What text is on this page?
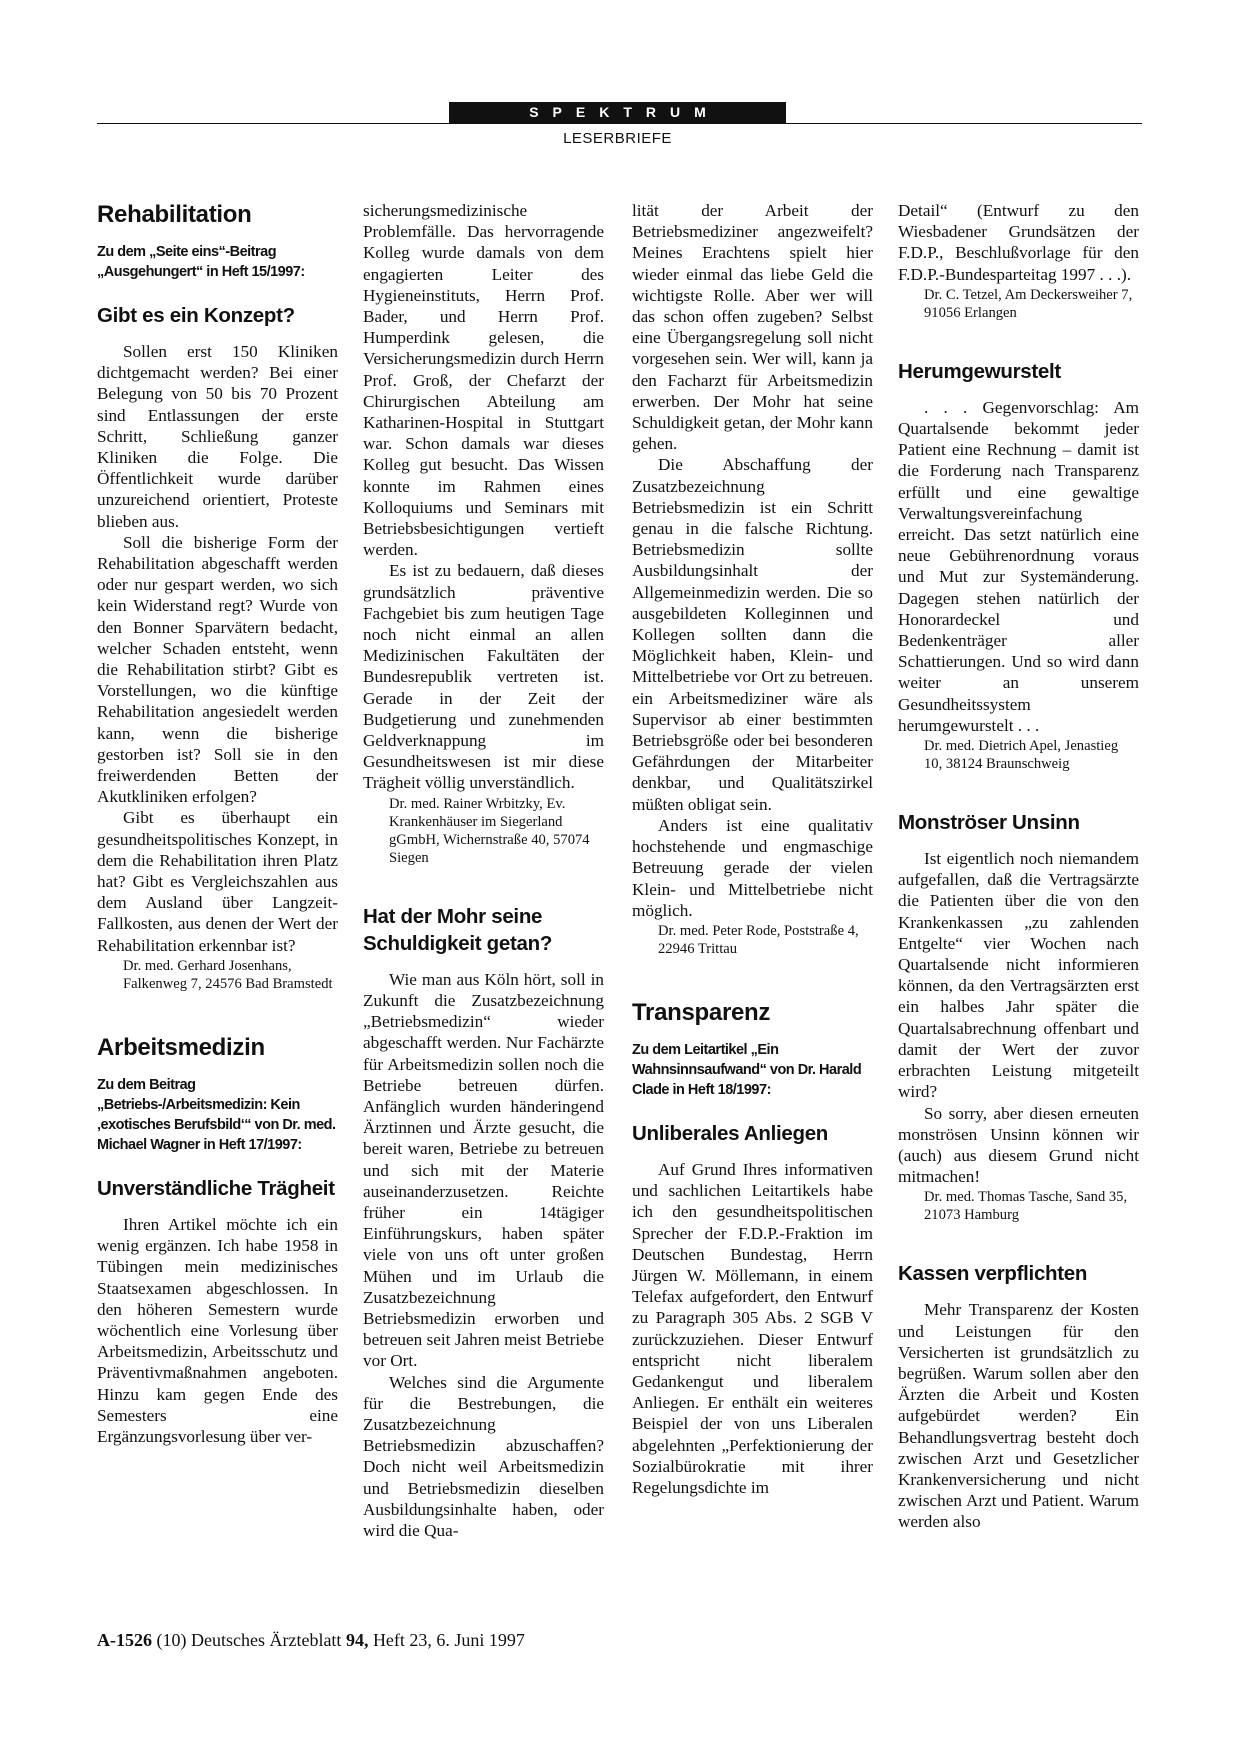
SPEKTRUM
LESERBRIEFE
Rehabilitation
Zu dem „Seite eins“-Beitrag „Ausgehungert“ in Heft 15/1997:
Gibt es ein Konzept?

Sollen erst 150 Kliniken dichtgemacht werden? Bei einer Belegung von 50 bis 70 Prozent sind Entlassungen der erste Schritt, Schließung ganzer Kliniken die Folge. Die Öffentlichkeit wurde darüber unzureichend orientiert, Proteste blieben aus.

Soll die bisherige Form der Rehabilitation abgeschafft werden oder nur gespart werden, wo sich kein Widerstand regt? Wurde von den Bonner Sparvätern bedacht, welcher Schaden entsteht, wenn die Rehabilitation stirbt? Gibt es Vorstellungen, wo die künftige Rehabilitation angesiedelt werden kann, wenn die bisherige gestorben ist? Soll sie in den freiwerdenden Betten der Akutkliniken erfolgen?

Gibt es überhaupt ein gesundheitspolitisches Konzept, in dem die Rehabilitation ihren Platz hat? Gibt es Vergleichszahlen aus dem Ausland über Langzeit-Fallkosten, aus denen der Wert der Rehabilitation erkennbar ist?

Dr. med. Gerhard Josenhans,
Falkenweg 7, 24576 Bad Bramstedt
Arbeitsmedizin
Zu dem Beitrag „Betriebs-/Arbeitsmedizin: Kein ‚exotisches Berufsbild‘“ von Dr. med. Michael Wagner in Heft 17/1997:
Unverständliche Trägheit

Ihren Artikel möchte ich ein wenig ergänzen. Ich habe 1958 in Tübingen mein medizinisches Staatsexamen abgeschlossen. In den höheren Semestern wurde wöchentlich eine Vorlesung über Arbeitsmedizin, Arbeitsschutz und Präventivmaßnahmen angeboten. Hinzu kam gegen Ende des Semesters eine Ergänzungsvorlesung über ver-

sicherungsmedizinische Problemfälle. Das hervorragende Kolleg wurde damals von dem engagierten Leiter des Hygieneinstituts, Herrn Prof. Bader, und Herrn Prof. Humperdink gelesen, die Versicherungsmedizin durch Herrn Prof. Groß, der Chefarzt der Chirurgischen Abteilung am Katharinen-Hospital in Stuttgart war. Schon damals war dieses Kolleg gut besucht. Das Wissen konnte im Rahmen eines Kolloquiums und Seminars mit Betriebsbesichtigungen vertieft werden.

Es ist zu bedauern, daß dieses grundsätzlich präventive Fachgebiet bis zum heutigen Tage noch nicht einmal an allen Medizinischen Fakultäten der Bundesrepublik vertreten ist. Gerade in der Zeit der Budgetierung und zunehmenden Geldverknappung im Gesundheitswesen ist mir diese Trägheit völlig unverständlich.

Dr. med. Rainer Wrbitzky, Ev. Krankenhäuser im Siegerland gGmbH, Wichernstraße 40, 57074 Siegen
Hat der Mohr seine Schuldigkeit getan?

Wie man aus Köln hört, soll in Zukunft die Zusatzbezeichnung „Betriebsmedizin“ wieder abgeschafft werden. Nur Fachärzte für Arbeitsmedizin sollen noch die Betriebe betreuen dürfen. Anfänglich wurden händeringend Ärztinnen und Ärzte gesucht, die bereit waren, Betriebe zu betreuen und sich mit der Materie auseinanderzusetzen. Reichte früher ein 14tägiger Einführungskurs, haben später viele von uns oft unter großen Mühen und im Urlaub die Zusatzbezeichnung Betriebsmedizin erworben und betreuen seit Jahren meist Betriebe vor Ort.

Welches sind die Argumente für die Bestrebungen, die Zusatzbezeichnung Betriebsmedizin abzuschaffen? Doch nicht weil Arbeitsmedizin und Betriebsmedizin dieselben Ausbildungsinhalte haben, oder wird die Qua-

lität der Arbeit der Betriebsmediziner angezweifelt? Meines Erachtens spielt hier wieder einmal das liebe Geld die wichtigste Rolle. Aber wer will das schon offen zugeben? Selbst eine Übergangsregelung soll nicht vorgesehen sein. Wer will, kann ja den Facharzt für Arbeitsmedizin erwerben. Der Mohr hat seine Schuldigkeit getan, der Mohr kann gehen.

Die Abschaffung der Zusatzbezeichnung Betriebsmedizin ist ein Schritt genau in die falsche Richtung. Betriebsmedizin sollte Ausbildungsinhalt der Allgemeinmedizin werden. Die so ausgebildeten Kolleginnen und Kollegen sollten dann die Möglichkeit haben, Klein- und Mittelbetriebe vor Ort zu betreuen. ein Arbeitsmediziner wäre als Supervisor ab einer bestimmten Betriebsgröße oder bei besonderen Gefährdungen der Mitarbeiter denkbar, und Qualitätszirkel müßten obligat sein.

Anders ist eine qualitativ hochstehende und engmaschige Betreuung gerade der vielen Klein- und Mittelbetriebe nicht möglich.

Dr. med. Peter Rode, Poststraße 4, 22946 Trittau
Transparenz
Zu dem Leitartikel „Ein Wahnsinnsaufwand“ von Dr. Harald Clade in Heft 18/1997:
Unliberales Anliegen

Auf Grund Ihres informativen und sachlichen Leitartikels habe ich den gesundheitspolitischen Sprecher der F.D.P.-Fraktion im Deutschen Bundestag, Herrn Jürgen W. Möllemann, in einem Telefax aufgefordert, den Entwurf zu Paragraph 305 Abs. 2 SGB V zurückzuziehen. Dieser Entwurf entspricht nicht liberalem Gedankengut und liberalem Anliegen. Er enthält ein weiteres Beispiel der von uns Liberalen abgelehnten „Perfektionierung der Sozialbürokratie mit ihrer Regelungsdichte im

Detail“ (Entwurf zu den Wiesbadener Grundsätzen der F.D.P., Beschlußvorlage für den F.D.P.-Bundesparteitag 1997 . . .).

Dr. C. Tetzel, Am Deckersweiher 7, 91056 Erlangen
Herumgewurstelt

. . . Gegenvorschlag: Am Quartalsende bekommt jeder Patient eine Rechnung – damit ist die Forderung nach Transparenz erfüllt und eine gewaltige Verwaltungsvereinfachung erreicht. Das setzt natürlich eine neue Gebührenordnung voraus und Mut zur Systemänderung. Dagegen stehen natürlich der Honorardeckel und Bedenkenträger aller Schattierungen. Und so wird dann weiter an unserem Gesundheitssystem herumgewurstelt . . .

Dr. med. Dietrich Apel, Jenastieg 10, 38124 Braunschweig
Monströser Unsinn

Ist eigentlich noch niemandem aufgefallen, daß die Vertragsärzte die Patienten über die von den Krankenkassen „zu zahlenden Entgelte“ vier Wochen nach Quartalsende nicht informieren können, da den Vertragsärzten erst ein halbes Jahr später die Quartalsabrechnung offenbart und damit der Wert der zuvor erbrachten Leistung mitgeteilt wird?

So sorry, aber diesen erneuten monströsen Unsinn können wir (auch) aus diesem Grund nicht mitmachen!

Dr. med. Thomas Tasche, Sand 35, 21073 Hamburg
Kassen verpflichten

Mehr Transparenz der Kosten und Leistungen für den Versicherten ist grundsätzlich zu begrüßen. Warum sollen aber den Ärzten die Arbeit und Kosten aufgebürdet werden? Ein Behandlungsvertrag besteht doch zwischen Arzt und Gesetzlicher Krankenversicherung und nicht zwischen Arzt und Patient. Warum werden also

A-1526 (10) Deutsches Ärzteblatt 94, Heft 23, 6. Juni 1997
